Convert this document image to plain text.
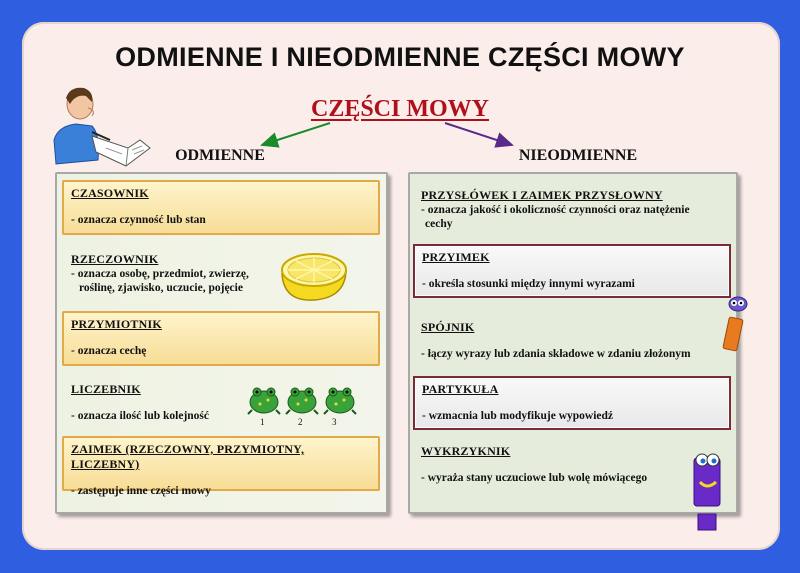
ODMIENNE I NIEODMIENNE CZĘŚCI MOWY
CZĘŚCI MOWY
ODMIENNE	NIEODMIENNE
CZASOWNIK
- oznacza czynność lub stan
RZECZOWNIK
- oznacza osobę, przedmiot, zwierzę,
roślinę, zjawisko, uczucie, pojęcie
PRZYMIOTNIK
- oznacza cechę
LICZEBNIK
- oznacza ilość lub kolejność	1	2	3
ZAIMEK (RZECZOWNY, PRZYMIOTNY, LICZEBNY)
- zastępuje inne części mowy
PRZYSŁÓWEK I ZAIMEK PRZYSŁOWNY
- oznacza jakość i okoliczność czynności oraz natężenie
cechy
PRZYIMEK
- określa stosunki między innymi wyrazami
SPÓJNIK
- łączy wyrazy lub zdania składowe w zdaniu złożonym
PARTYKUŁA
- wzmacnia lub modyfikuje wypowiedź
WYKRZYKNIK
- wyraża stany uczuciowe lub wolę mówiącego
